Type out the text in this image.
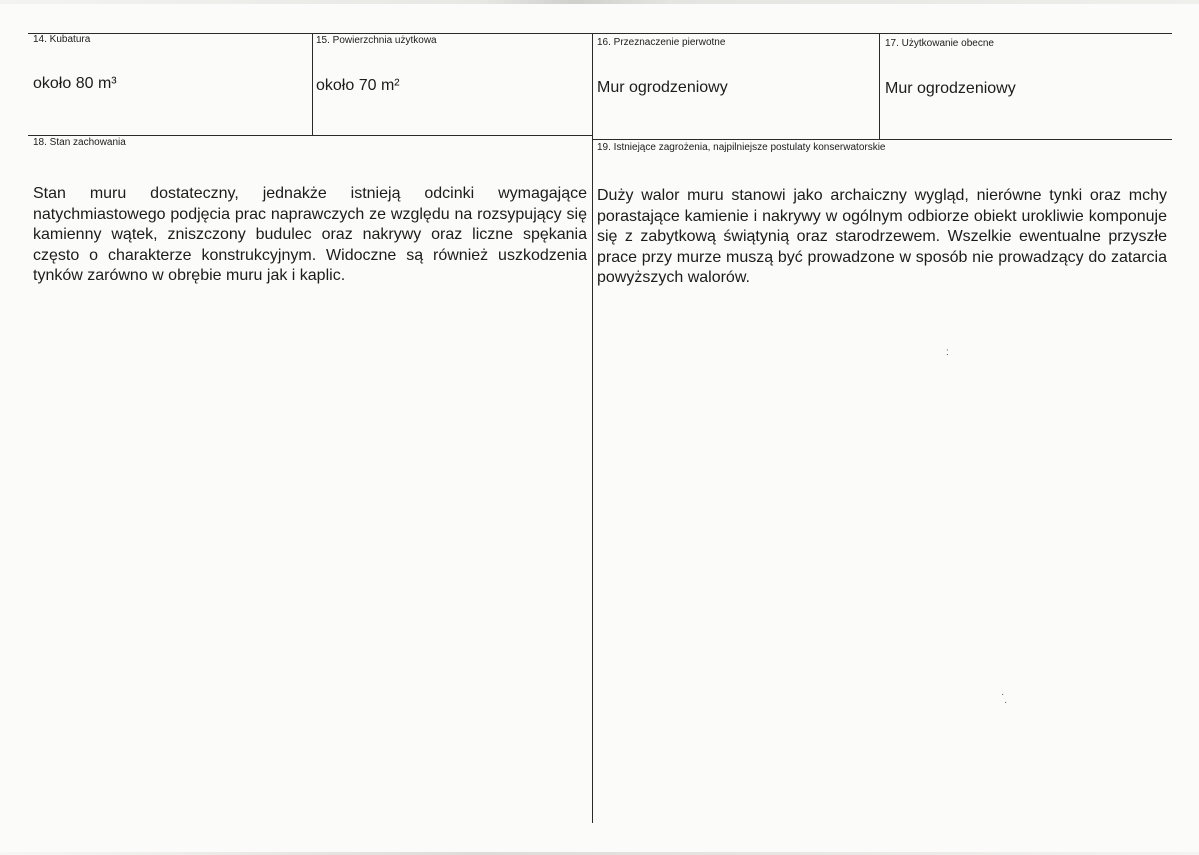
14. Kubatura
około 80 m³
15. Powierzchnia użytkowa
około 70 m²
16. Przeznaczenie pierwotne
Mur ogrodzeniowy
17. Użytkowanie obecne
Mur ogrodzeniowy
18. Stan zachowania
Stan muru dostateczny, jednakże istnieją odcinki wymagające natychmiastowego podjęcia prac naprawczych ze względu na rozsypujący się kamienny wątek, zniszczony budulec oraz nakrywy oraz liczne spękania często o charakterze konstrukcyjnym. Widoczne są również uszkodzenia tynków zarówno w obrębie muru jak i kaplic.
19. Istniejące zagrożenia, najpilniejsze postulaty konserwatorskie
Duży walor muru stanowi jako archaiczny wygląd, nierówne tynki oraz mchy porastające kamienie i nakrywy w ogólnym odbiorze obiekt urokliwie komponuje się z zabytkową świątynią oraz starodrzewem. Wszelkie ewentualne przyszłe prace przy murze muszą być prowadzone w sposób nie prowadzący do zatarcia powyższych walorów.
:
·
·
